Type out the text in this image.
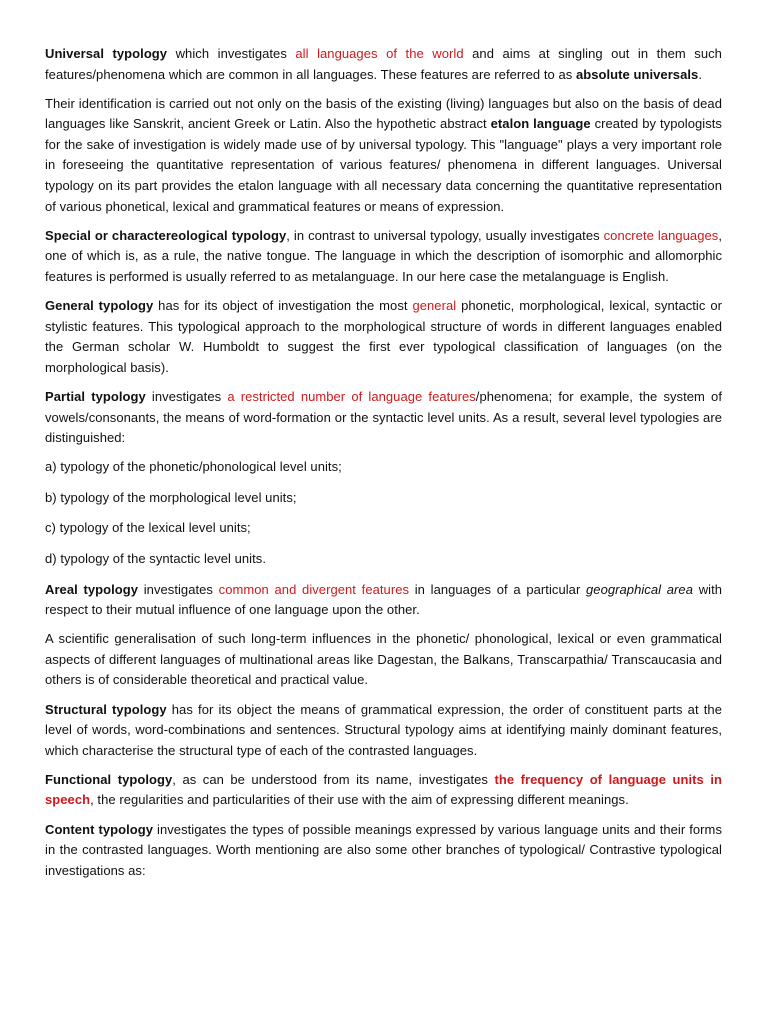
Universal typology which investigates all languages of the world and aims at singling out in them such features/phenomena which are common in all languages. These features are referred to as absolute universals.

Their identification is carried out not only on the basis of the existing (living) languages but also on the basis of dead languages like Sanskrit, ancient Greek or Latin. Also the hypothetic abstract etalon language created by typologists for the sake of investigation is widely made use of by universal typology. This "language" plays a very important role in foreseeing the quantitative representation of various features/ phenomena in different languages. Universal typology on its part provides the etalon language with all necessary data concerning the quantitative representation of various phonetical, lexical and grammatical features or means of expression.

Special or charactereological typology, in contrast to universal typology, usually investigates concrete languages, one of which is, as a rule, the native tongue. The language in which the description of isomorphic and allomorphic features is performed is usually referred to as metalanguage. In our here case the metalanguage is English.

General typology has for its object of investigation the most general phonetic, morphological, lexical, syntactic or stylistic features. This typological approach to the morphological structure of words in different languages enabled the German scholar W. Humboldt to suggest the first ever typological classification of languages (on the morphological basis).

Partial typology investigates a restricted number of language features/phenomena; for example, the system of vowels/consonants, the means of word-formation or the syntactic level units. As a result, several level typologies are distinguished:

a) typology of the phonetic/phonological level units;

b) typology of the morphological level units;

c) typology of the lexical level units;

d) typology of the syntactic level units.

Areal typology investigates common and divergent features in languages of a particular geographical area with respect to their mutual influence of one language upon the other.

A scientific generalisation of such long-term influences in the phonetic/ phonological, lexical or even grammatical aspects of different languages of multinational areas like Dagestan, the Balkans, Transcarpathia/ Transcaucasia and others is of considerable theoretical and practical value.

Structural typology has for its object the means of grammatical expression, the order of constituent parts at the level of words, word-combinations and sentences. Structural typology aims at identifying mainly dominant features, which characterise the structural type of each of the contrasted languages.

Functional typology, as can be understood from its name, investigates the frequency of language units in speech, the regularities and particularities of their use with the aim of expressing different meanings.

Content typology investigates the types of possible meanings expressed by various language units and their forms in the contrasted languages. Worth mentioning are also some other branches of typological/ Contrastive typological investigations as:
